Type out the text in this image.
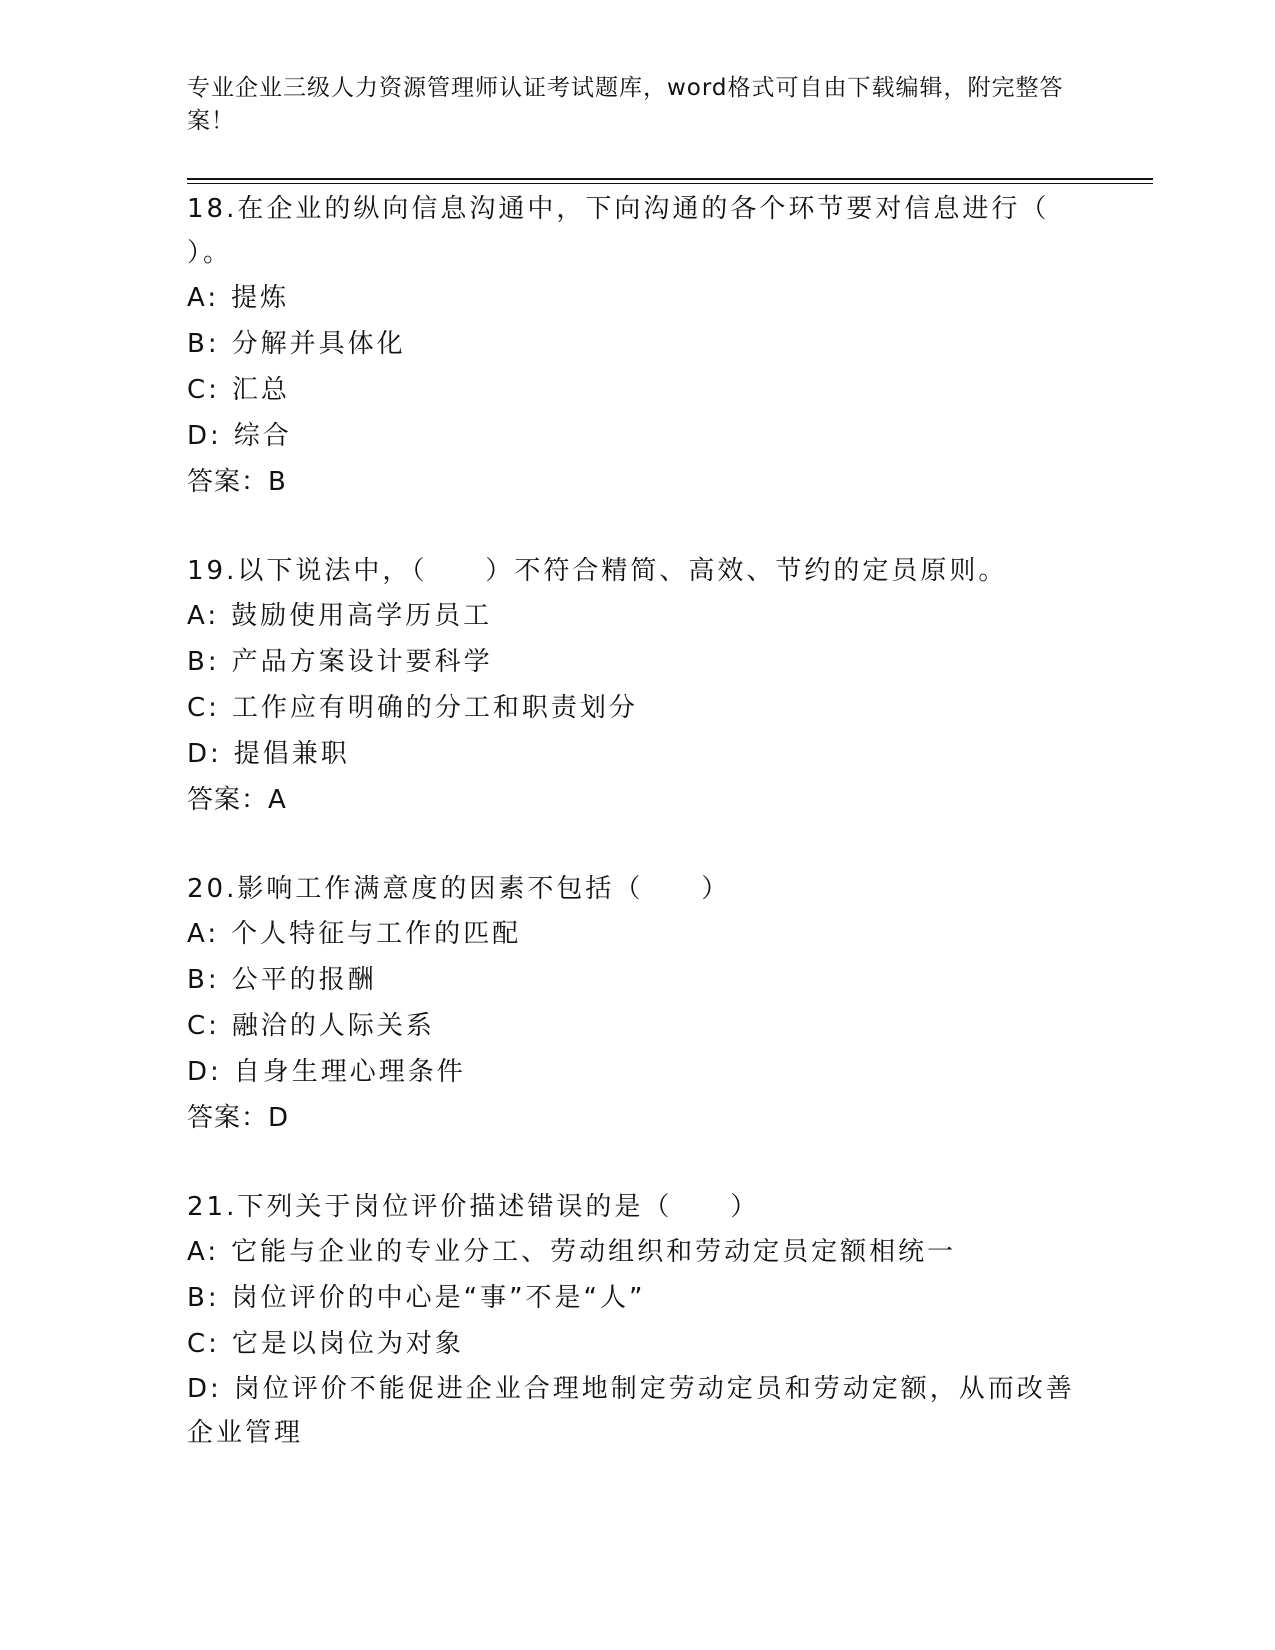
专业企业三级人力资源管理师认证考试题库，word格式可自由下载编辑，附完整答案！
18.在企业的纵向信息沟通中，下向沟通的各个环节要对信息进行（ ）。
A: 提炼
B: 分解并具体化
C: 汇总
D: 综合
答案：B
19.以下说法中，（　　）不符合精简、高效、节约的定员原则。
A: 鼓励使用高学历员工
B: 产品方案设计要科学
C: 工作应有明确的分工和职责划分
D: 提倡兼职
答案：A
20.影响工作满意度的因素不包括（　　）
A: 个人特征与工作的匹配
B: 公平的报酬
C: 融洽的人际关系
D: 自身生理心理条件
答案：D
21.下列关于岗位评价描述错误的是（　　）
A: 它能与企业的专业分工、劳动组织和劳动定员定额相统一
B: 岗位评价的中心是“事”不是“人”
C: 它是以岗位为对象
D: 岗位评价不能促进企业合理地制定劳动定员和劳动定额，从而改善企业管理
